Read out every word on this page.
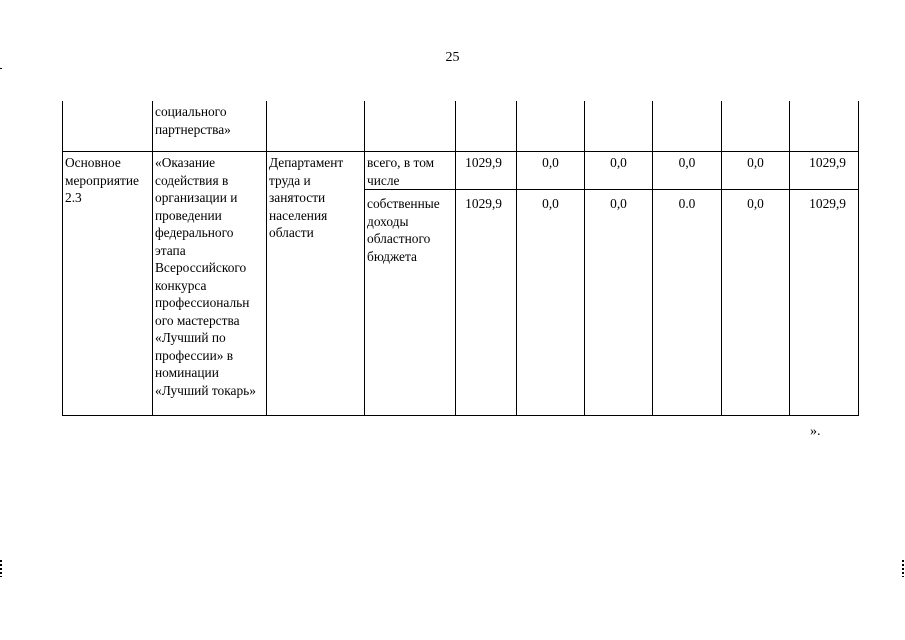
25
	социального партнерства»								
Основное мероприятие 2.3	«Оказание содействия в организации и проведении федерального этапа Всероссийского конкурса профессиональн ого мастерства «Лучший по профессии» в номинации «Лучший токарь»	Департамент труда и занятости населения области	всего, в том числе	1029,9	0,0	0,0	0,0	0,0	1029,9
			собственные доходы областного бюджета	1029,9	0,0	0,0	0.0	0,0	1029,9
».
